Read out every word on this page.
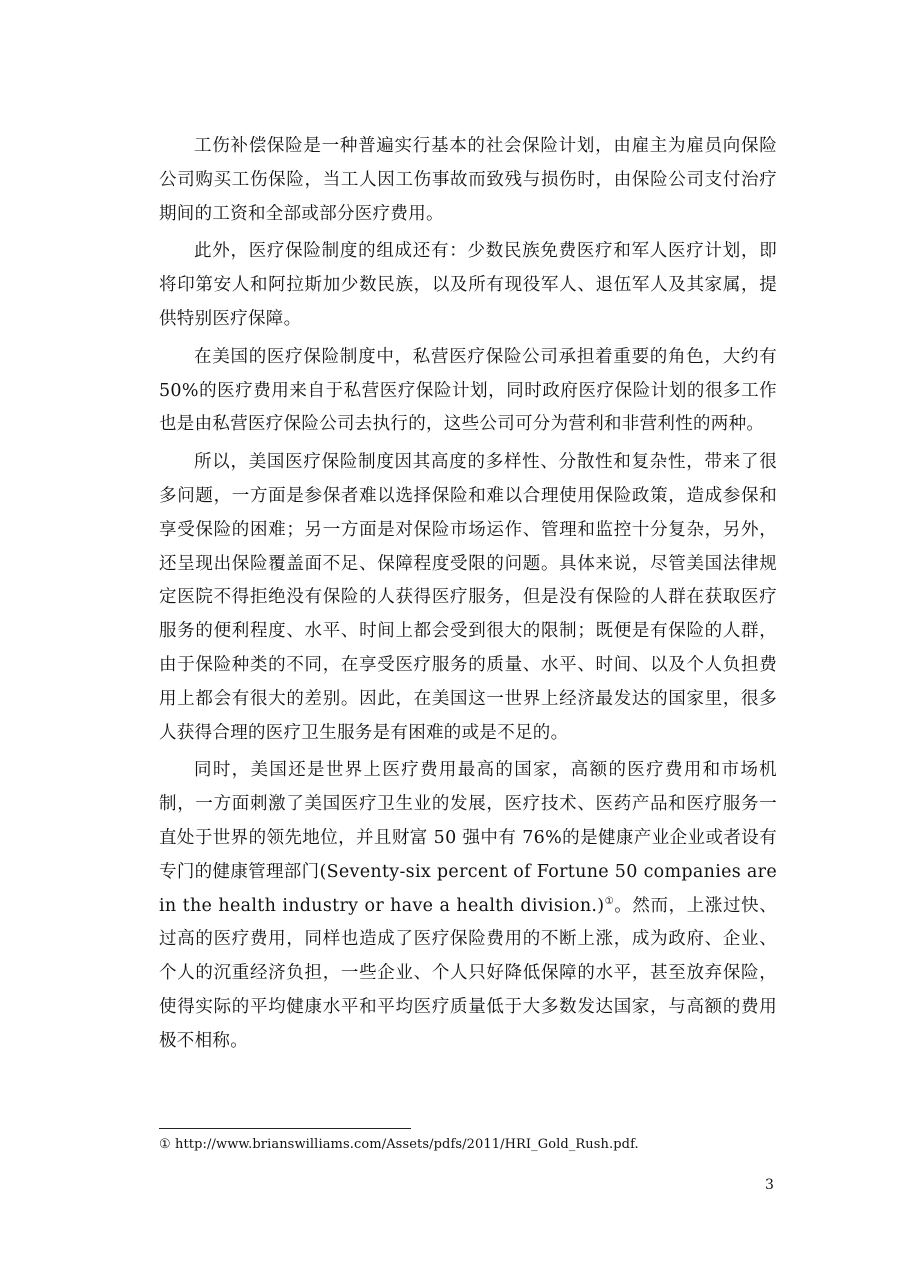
工伤补偿保险是一种普遍实行基本的社会保险计划，由雇主为雇员向保险公司购买工伤保险，当工人因工伤事故而致残与损伤时，由保险公司支付治疗期间的工资和全部或部分医疗费用。

此外，医疗保险制度的组成还有：少数民族免费医疗和军人医疗计划，即将印第安人和阿拉斯加少数民族，以及所有现役军人、退伍军人及其家属，提供特别医疗保障。

在美国的医疗保险制度中，私营医疗保险公司承担着重要的角色，大约有 50%的医疗费用来自于私营医疗保险计划，同时政府医疗保险计划的很多工作也是由私营医疗保险公司去执行的，这些公司可分为营利和非营利性的两种。

所以，美国医疗保险制度因其高度的多样性、分散性和复杂性，带来了很多问题，一方面是参保者难以选择保险和难以合理使用保险政策，造成参保和享受保险的困难；另一方面是对保险市场运作、管理和监控十分复杂，另外，还呈现出保险覆盖面不足、保障程度受限的问题。具体来说，尽管美国法律规定医院不得拒绝没有保险的人获得医疗服务，但是没有保险的人群在获取医疗服务的便利程度、水平、时间上都会受到很大的限制；既便是有保险的人群，由于保险种类的不同，在享受医疗服务的质量、水平、时间、以及个人负担费用上都会有很大的差别。因此，在美国这一世界上经济最发达的国家里，很多人获得合理的医疗卫生服务是有困难的或是不足的。

同时，美国还是世界上医疗费用最高的国家，高额的医疗费用和市场机制，一方面刺激了美国医疗卫生业的发展，医疗技术、医药产品和医疗服务一直处于世界的领先地位，并且财富 50 强中有 76%的是健康产业企业或者设有专门的健康管理部门(Seventy-six percent of Fortune 50 companies are in the health industry or have a health division.)①。然而，上涨过快、过高的医疗费用，同样也造成了医疗保险费用的不断上涨，成为政府、企业、个人的沉重经济负担，一些企业、个人只好降低保障的水平，甚至放弃保险，使得实际的平均健康水平和平均医疗质量低于大多数发达国家，与高额的费用极不相称。

① http://www.brianswilliams.com/Assets/pdfs/2011/HRI_Gold_Rush.pdf.
3
